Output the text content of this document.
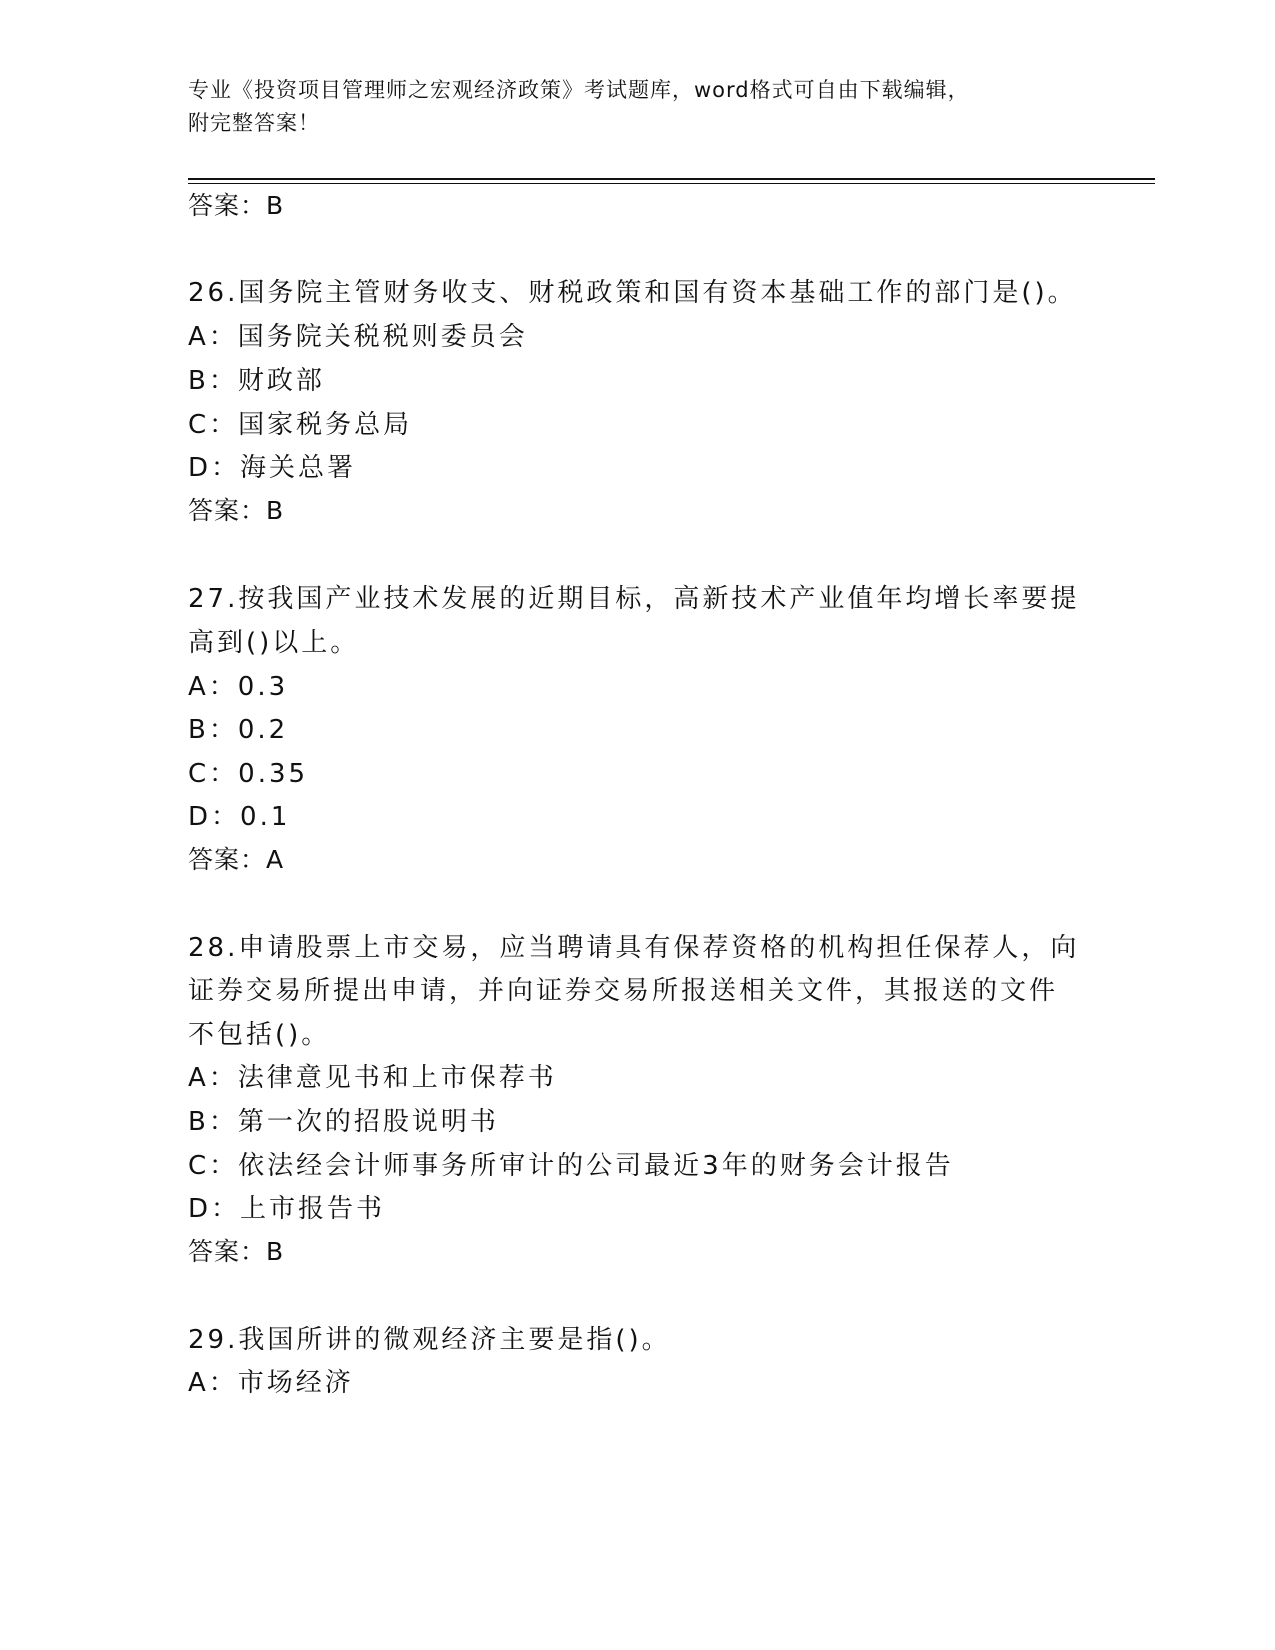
专业《投资项目管理师之宏观经济政策》考试题库，word格式可自由下载编辑，
附完整答案！
答案：B
26.国务院主管财务收支、财税政策和国有资本基础工作的部门是()。
A：国务院关税税则委员会
B：财政部
C：国家税务总局
D：海关总署
答案：B
27.按我国产业技术发展的近期目标，高新技术产业值年均增长率要提
高到()以上。
A：0.3
B：0.2
C：0.35
D：0.1
答案：A
28.申请股票上市交易，应当聘请具有保荐资格的机构担任保荐人，向
证券交易所提出申请，并向证券交易所报送相关文件，其报送的文件
不包括()。
A：法律意见书和上市保荐书
B：第一次的招股说明书
C：依法经会计师事务所审计的公司最近3年的财务会计报告
D：上市报告书
答案：B
29.我国所讲的微观经济主要是指()。
A：市场经济
